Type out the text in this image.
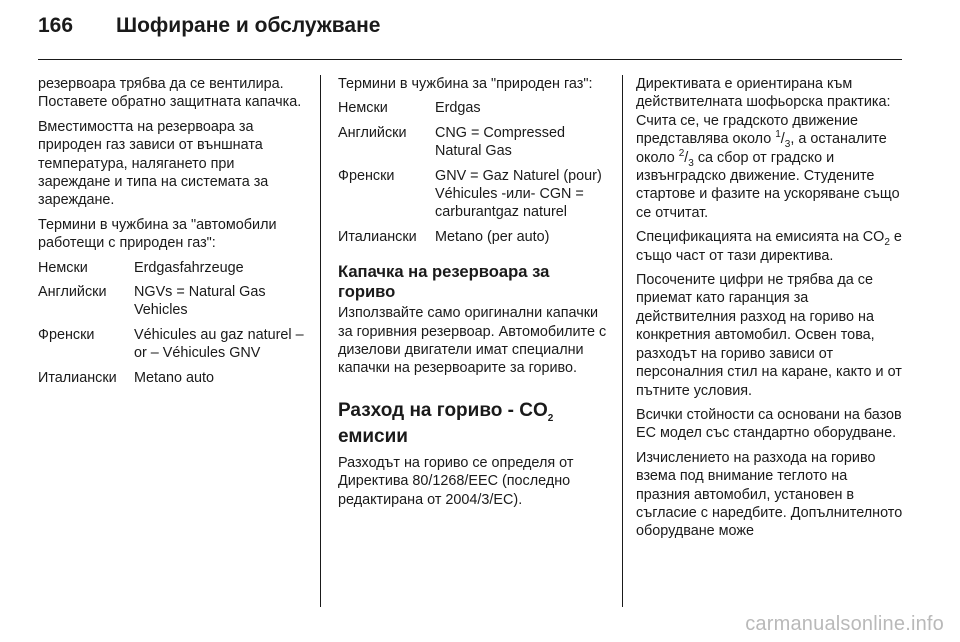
166	Шофиране и обслужване

резервоара трябва да се вентилира. Поставете обратно защитната капачка.

Вместимостта на резервоара за природен газ зависи от външната температура, налягането при зареждане и типа на системата за зареждане.

Термини в чужбина за "автомобили работещи с природен газ":

Немски	Erdgasfahrzeuge
Английски	NGVs = Natural Gas Vehicles
Френски	Véhicules au gaz naturel – or – Véhicules GNV
Италиански	Metano auto

Термини в чужбина за "природен газ":

Немски	Erdgas
Английски	CNG = Compressed Natural Gas
Френски	GNV = Gaz Naturel (pour) Véhicules -или- CGN = carburantgaz naturel
Италиански	Metano (per auto)
Капачка на резервоара за гориво

Използвайте само оригинални капачки за горивния резервоар. Автомобилите с дизелови двигатели имат специални капачки на резервоарите за гориво.

Разход на гориво - $CO_2$
емисии

Разходът на гориво се определя от Директива 80/1268/EEC (последно редактирана от 2004/3/EC).

Директивата е ориентирана към действителната шофьорска практика: Счита се, че градското движение представлява около $^1/_3$, а останалите около $^2/_3$ са сбор от градско и извънградско движение. Студените стартове и фазите на ускоряване също се отчитат.

Спецификацията на емисията на $CO_2$ е също част от тази директива.

Посочените цифри не трябва да се приемат като гаранция за действителния разход на гориво на конкретния автомобил. Освен това, разходът на гориво зависи от персоналния стил на каране, както и от пътните условия.

Всички стойности са основани на базов ЕС модел със стандартно оборудване.

Изчислението на разхода на гориво взема под внимание теглото на празния автомобил, установен в съгласие с наредбите. Допълнителното оборудване може

carmanualsonline.info
